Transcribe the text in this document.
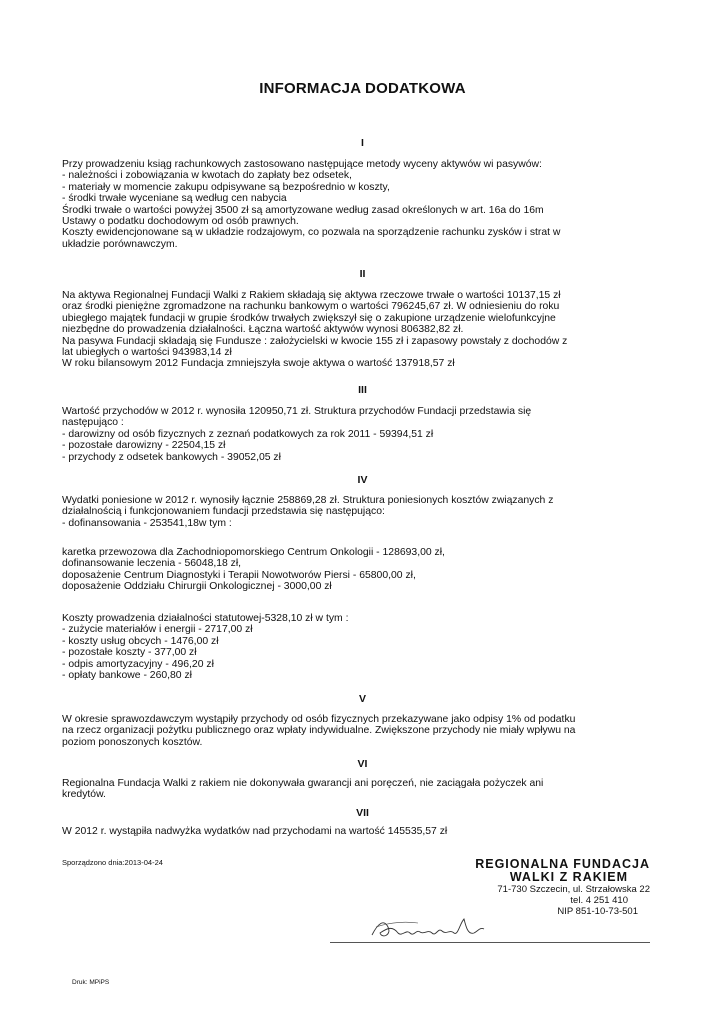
INFORMACJA DODATKOWA
I
Przy prowadzeniu ksiąg rachunkowych zastosowano następujące metody wyceny aktywów wi pasywów:
- należności i zobowiązania w kwotach do zapłaty bez odsetek,
- materiały w momencie zakupu odpisywane są bezpośrednio w koszty,
- środki trwałe wyceniane są według cen nabycia
Środki trwałe o wartości powyżej 3500 zł są amortyzowane według zasad określonych w art. 16a do 16m
Ustawy o podatku dochodowym od osób prawnych.
Koszty ewidencjonowane są w układzie rodzajowym, co pozwala na sporządzenie rachunku zysków i strat w
układzie porównawczym.
II
Na aktywa Regionalnej Fundacji Walki z Rakiem składają się aktywa rzeczowe trwałe o wartości 10137,15 zł
oraz środki pieniężne zgromadzone na rachunku bankowym o wartości 796245,67 zł. W odniesieniu do roku
ubiegłego majątek fundacji w grupie środków trwałych zwiększył się o zakupione urządzenie wielofunkcyjne
niezbędne do prowadzenia działalności. Łączna wartość aktywów wynosi 806382,82 zł.
Na pasywa Fundacji składają się Fundusze : założycielski w kwocie 155 zł i zapasowy powstały z dochodów z
lat ubiegłych o wartości 943983,14 zł
W roku bilansowym 2012 Fundacja zmniejszyła swoje aktywa o wartość 137918,57 zł
III
Wartość przychodów w 2012 r. wynosiła 120950,71 zł. Struktura przychodów Fundacji przedstawia się
następująco :
- darowizny od osób fizycznych z zeznań podatkowych za rok 2011 - 59394,51 zł
- pozostałe darowizny - 22504,15 zł
- przychody z odsetek bankowych - 39052,05 zł
IV
Wydatki poniesione w 2012 r. wynosiły łącznie 258869,28 zł. Struktura poniesionych kosztów związanych z
działalnością i funkcjonowaniem fundacji przedstawia się następująco:
- dofinansowania - 253541,18w tym :
karetka przewozowa dla Zachodniopomorskiego Centrum Onkologii - 128693,00 zł,
dofinansowanie leczenia - 56048,18 zł,
doposażenie Centrum Diagnostyki i Terapii Nowotworów Piersi - 65800,00 zł,
doposażenie Oddziału Chirurgii Onkologicznej - 3000,00 zł
Koszty prowadzenia działalności statutowej-5328,10 zł w tym :
- zużycie materiałów i energii - 2717,00 zł
- koszty usług obcych - 1476,00 zł
- pozostałe koszty - 377,00 zł
- odpis amortyzacyjny - 496,20 zł
- opłaty bankowe - 260,80 zł
V
W okresie sprawozdawczym wystąpiły przychody od osób fizycznych przekazywane jako odpisy 1% od podatku
na rzecz organizacji pożytku publicznego oraz wpłaty indywidualne. Zwiększone przychody nie miały wpływu na
poziom ponoszonych kosztów.
VI
Regionalna Fundacja Walki z rakiem nie dokonywała gwarancji ani poręczeń, nie zaciągała pożyczek ani
kredytów.
VII
W 2012 r. wystąpiła nadwyżka wydatków nad przychodami na wartość 145535,57 zł
Sporządzono dnia:2013-04-24	REGIONALNA FUNDACJA
WALKI Z RAKIEM
71-730 Szczecin, ul. Strzałowska 22
tel. 4 251 410
NIP 851-10-73-501
Druk: MPiPS
